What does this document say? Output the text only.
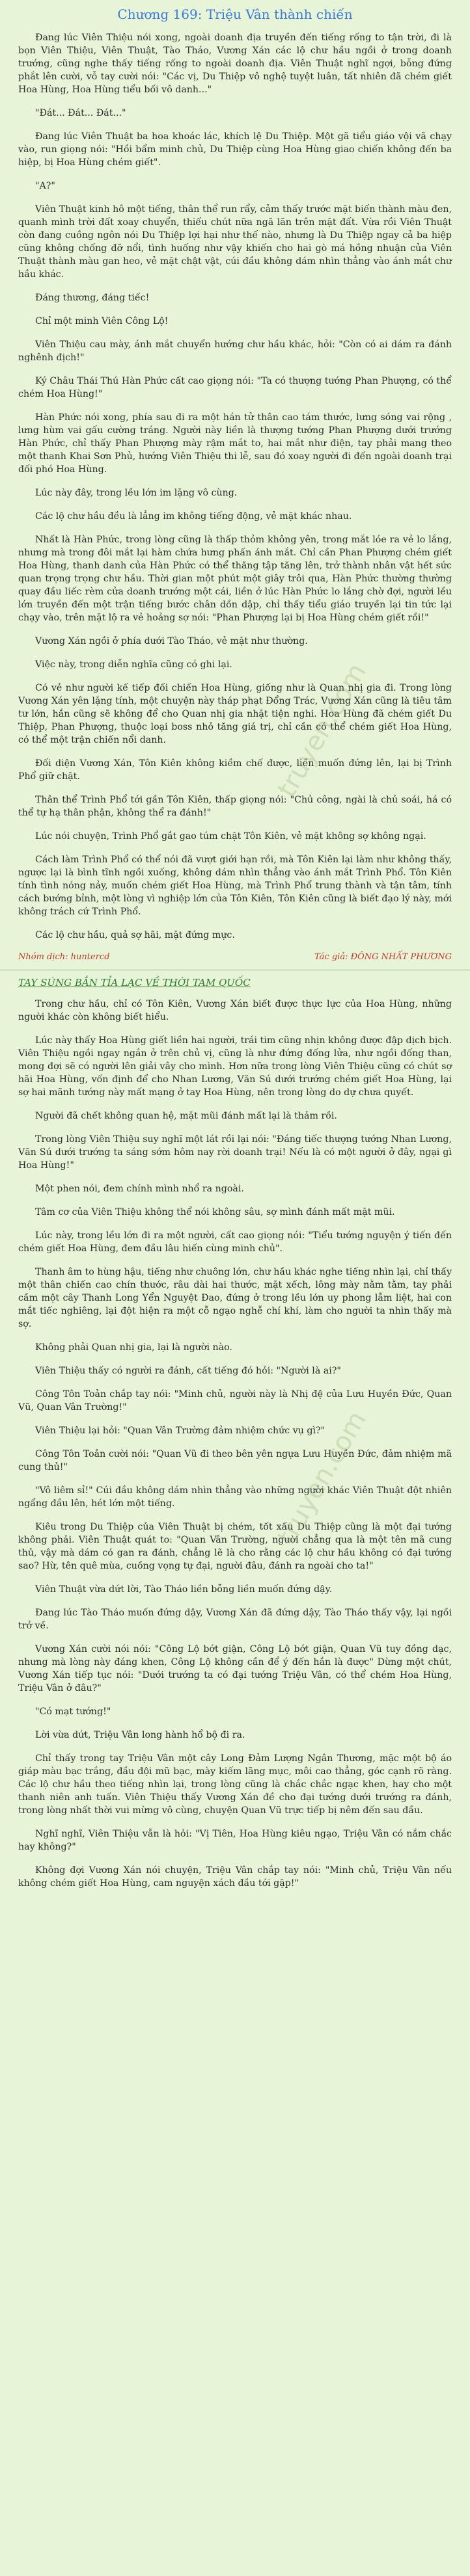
Chương 169: Triệu Vân thành chiến

Đang lúc Viên Thiệu nói xong, ngoài doanh địa truyền đến tiếng rống to tận trời, đi là bọn Viên Thiệu, Viên Thuật, Tào Tháo, Vương Xán các lộ chư hầu ngồi ở trong doanh trướng, cũng nghe thấy tiếng rống to ngoài doanh địa. Viên Thuật nghĩ ngợi, bỗng đứng phắt lên cười, vỗ tay cười nói: "Các vị, Du Thiệp vô nghệ tuyệt luân, tất nhiên đã chém giết Hoa Hùng, Hoa Hùng tiểu bối vô danh..."

"Đát... Đát... Đát..."

Đang lúc Viên Thuật ba hoa khoác lác, khích lệ Du Thiệp. Một gã tiểu giáo vội vã chạy vào, run giọng nói: "Hồi bẩm minh chủ, Du Thiệp cùng Hoa Hùng giao chiến không đến ba hiệp, bị Hoa Hùng chém giết".

"A?"

Viên Thuật kinh hô một tiếng, thân thể run rẩy, cảm thấy trước mặt biến thành màu đen, quanh mình trời đất xoay chuyển, thiếu chút nữa ngã lăn trên mặt đất. Vừa rồi Viên Thuật còn đang cuồng ngôn nói Du Thiệp lợi hại như thế nào, nhưng là Du Thiệp ngay cả ba hiệp cũng không chống đỡ nổi, tình huống như vậy khiến cho hai gò má hồng nhuận của Viên Thuật thành màu gan heo, vẻ mặt chật vật, cúi đầu không dám nhìn thẳng vào ánh mắt chư hầu khác.

Đáng thương, đáng tiếc!

Chỉ một minh Viên Công Lộ!

Viên Thiệu cau mày, ánh mắt chuyển hướng chư hầu khác, hỏi: "Còn có ai dám ra đánh nghênh địch!"

Ký Châu Thái Thú Hàn Phức cất cao giọng nói: "Ta có thượng tướng Phan Phượng, có thể chém Hoa Hùng!"

Hàn Phức nói xong, phía sau đi ra một hán tử thân cao tám thước, lưng sóng vai rộng , lưng hùm vai gấu cường tráng. Người này liền là thượng tướng Phan Phượng dưới trướng Hàn Phức, chỉ thấy Phan Phượng mày rậm mắt to, hai mắt như điện, tay phải mang theo một thanh Khai Sơn Phủ, hướng Viên Thiệu thi lễ, sau đó xoay người đi đến ngoài doanh trại đối phó Hoa Hùng.

Lúc này đây, trong lều lớn im lặng vô cùng.

Các lộ chư hầu đều là lẳng im không tiếng động, vẻ mặt khác nhau.

Nhất là Hàn Phức, trong lòng cũng là thấp thỏm không yên, trong mắt lóe ra vẻ lo lắng, nhưng mà trong đôi mắt lại hàm chứa hưng phấn ánh mắt. Chỉ cần Phan Phượng chém giết Hoa Hùng, thanh danh của Hàn Phức có thể thăng tập tăng lên, trở thành nhân vật hết sức quan trọng trọng chư hầu. Thời gian một phút một giây trôi qua, Hàn Phức thường thường quay đầu liếc rèm cửa doanh trướng một cái, liền ở lúc Hàn Phức lo lắng chờ đợi, người lều lớn truyền đến một trận tiếng bước chân dồn dập, chỉ thấy tiểu giáo truyền lại tin tức lại chạy vào, trên mặt lộ ra vẻ hoảng sợ nói: "Phan Phượng lại bị Hoa Hùng chém giết rồi!"

Vương Xán ngồi ở phía dưới Tào Tháo, vẻ mặt như thường.

Việc này, trong diễn nghĩa cũng có ghi lại.

Có vẻ như người kế tiếp đối chiến Hoa Hùng, giống như là Quan nhị gia đi. Trong lòng Vương Xán yên lặng tính, một chuyện này tháp phạt Đổng Trác, Vương Xán cũng là tiêu tâm tư lớn, hắn cũng sẽ không để cho Quan nhị gia nhặt tiện nghi. Hoa Hùng đã chém giết Du Thiệp, Phan Phượng, thuộc loại boss nhỏ tăng giá trị, chỉ cần có thể chém giết Hoa Hùng, có thể một trận chiến nổi danh.

Đối diện Vương Xán, Tôn Kiên không kiềm chế được, liền muốn đứng lên, lại bị Trình Phổ giữ chặt.

Thân thể Trình Phổ tới gần Tôn Kiên, thấp giọng nói: "Chủ công, ngài là chủ soái, há có thể tự hạ thân phận, không thể ra đánh!"

Lúc nói chuyện, Trình Phổ gắt gao túm chặt Tôn Kiên, vẻ mặt không sợ không ngại.

Cách làm Trình Phổ có thể nói đã vượt giới hạn rồi, mà Tôn Kiên lại làm như không thấy, ngược lại là bình tĩnh ngồi xuống, không dám nhìn thẳng vào ánh mắt Trình Phổ. Tôn Kiên tính tình nóng nảy, muốn chém giết Hoa Hùng, mà Trình Phổ trung thành và tận tâm, tính cách bướng bỉnh, một lòng vì nghiệp lớn của Tôn Kiên, Tôn Kiên cũng là biết đạo lý này, mới không trách cứ Trình Phổ.

Các lộ chư hầu, quả sợ hãi, mặt đứng mực.

Nhóm dịch: huntercd	Tác giả: ĐÔNG NHẤT PHƯƠNG
TAY SÚNG BẮN TỈA LẠC VỀ THỜI TAM QUỐC

Trong chư hầu, chỉ có Tôn Kiên, Vương Xán biết được thực lực của Hoa Hùng, những người khác còn không biết hiểu.

Lúc này thấy Hoa Hùng giết liền hai người, trái tim cũng nhịn không được đập dịch bịch. Viên Thiệu ngồi ngay ngắn ở trên chủ vị, cũng là như đứng đống lửa, như ngồi đống than, mong đợi sẽ có người lên giải vây cho mình. Hơn nữa trong lòng Viên Thiệu cũng có chút sợ hãi Hoa Hùng, vốn định để cho Nhan Lương, Văn Sú dưới trướng chém giết Hoa Hùng, lại sợ hai mãnh tướng này mất mạng ở tay Hoa Hùng, nên trong lòng do dự chưa quyết.

Người đã chết không quan hệ, mặt mũi đánh mất lại là thảm rồi.

Trong lòng Viên Thiệu suy nghĩ một lát rồi lại nói: "Đáng tiếc thượng tướng Nhan Lương, Văn Sú dưới trướng ta sáng sớm hôm nay rời doanh trại! Nếu là có một người ở đây, ngại gì Hoa Hùng!"

Một phen nói, đem chính mình nhổ ra ngoài.

Tâm cơ của Viên Thiệu không thể nói không sâu, sợ mình đánh mất mặt mũi.

Lúc này, trong lều lớn đi ra một người, cất cao giọng nói: "Tiểu tướng nguyện ý tiến đến chém giết Hoa Hùng, đem đầu lâu hiến cùng minh chủ".

Thanh âm to hùng hậu, tiếng như chuông lớn, chư hầu khác nghe tiếng nhìn lại, chỉ thấy một thân chiến cao chín thước, râu dài hai thước, mặt xếch, lông mày nằm tằm, tay phải cầm một cây Thanh Long Yển Nguyệt Đao, đứng ở trong lều lớn uy phong lẫm liệt, hai con mắt tiếc nghiêng, lại đột hiện ra một cỗ ngạo nghễ chí khí, làm cho người ta nhìn thấy mà sợ.

Không phải Quan nhị gia, lại là người nào.

Viên Thiệu thấy có người ra đánh, cất tiếng đó hỏi: "Người là ai?"

Công Tôn Toản chắp tay nói: "Minh chủ, người này là Nhị đệ của Lưu Huyền Đức, Quan Vũ, Quan Vân Trường!"

Viên Thiệu lại hỏi: "Quan Vân Trường đảm nhiệm chức vụ gì?"

Công Tôn Toản cười nói: "Quan Vũ đi theo bên yên ngựa Lưu Huyền Đức, đảm nhiệm mã cung thủ!"

"Vô liêm sỉ!" Cúi đầu không dám nhìn thẳng vào những người khác Viên Thuật đột nhiên ngẩng đầu lên, hét lớn một tiếng.

Kiêu trong Du Thiệp của Viên Thuật bị chém, tốt xấu Du Thiệp cũng là một đại tướng không phải. Viên Thuật quát to: "Quan Vân Trường, người chẳng qua là một tên mã cung thủ, vậy mà dám có gan ra đánh, chẳng lẽ là cho rằng các lộ chư hầu không có đại tướng sao? Hừ, tên quê mùa, cuồng vọng tự đại, người đâu, đánh ra ngoài cho ta!"

Viên Thuật vừa dứt lời, Tào Tháo liền bỗng liền muốn đứng dậy.

Đang lúc Tào Tháo muốn đứng dậy, Vương Xán đã đứng dậy, Tào Tháo thấy vậy, lại ngồi trở về.

Vương Xán cười nói nói: "Công Lộ bớt giận, Công Lộ bớt giận, Quan Vũ tuy đồng dạc, nhưng mà lòng này đáng khen, Công Lộ không cần để ý đến hắn là được" Dừng một chút, Vương Xán tiếp tục nói: "Dưới trướng ta có đại tướng Triệu Vân, có thể chém Hoa Hùng, Triệu Vân ở đâu?"

"Có mạt tướng!"

Lời vừa dứt, Triệu Vân long hành hổ bộ đi ra.

Chỉ thấy trong tay Triệu Vân một cây Long Đảm Lượng Ngân Thương, mặc một bộ áo giáp màu bạc trắng, đầu đội mũ bạc, mày kiếm lãng mục, môi cao thẳng, góc cạnh rõ ràng. Các lộ chư hầu theo tiếng nhìn lại, trong lòng cũng là chắc chắc ngạc khen, hay cho một thanh niên anh tuấn. Viên Thiệu thấy Vương Xán đề cho đại tướng dưới trướng ra đánh, trong lòng nhất thời vui mừng vô cùng, chuyện Quan Vũ trực tiếp bị nêm đến sau đầu.

Nghĩ nghĩ, Viên Thiệu vẫn là hỏi: "Vị Tiên, Hoa Hùng kiêu ngạo, Triệu Vân có nắm chắc hay không?"

Không đợi Vương Xán nói chuyện, Triệu Vân chắp tay nói: "Minh chủ, Triệu Vân nếu không chém giết Hoa Hùng, cam nguyện xách đầu tới gặp!"

truyen.com
truyen.com
